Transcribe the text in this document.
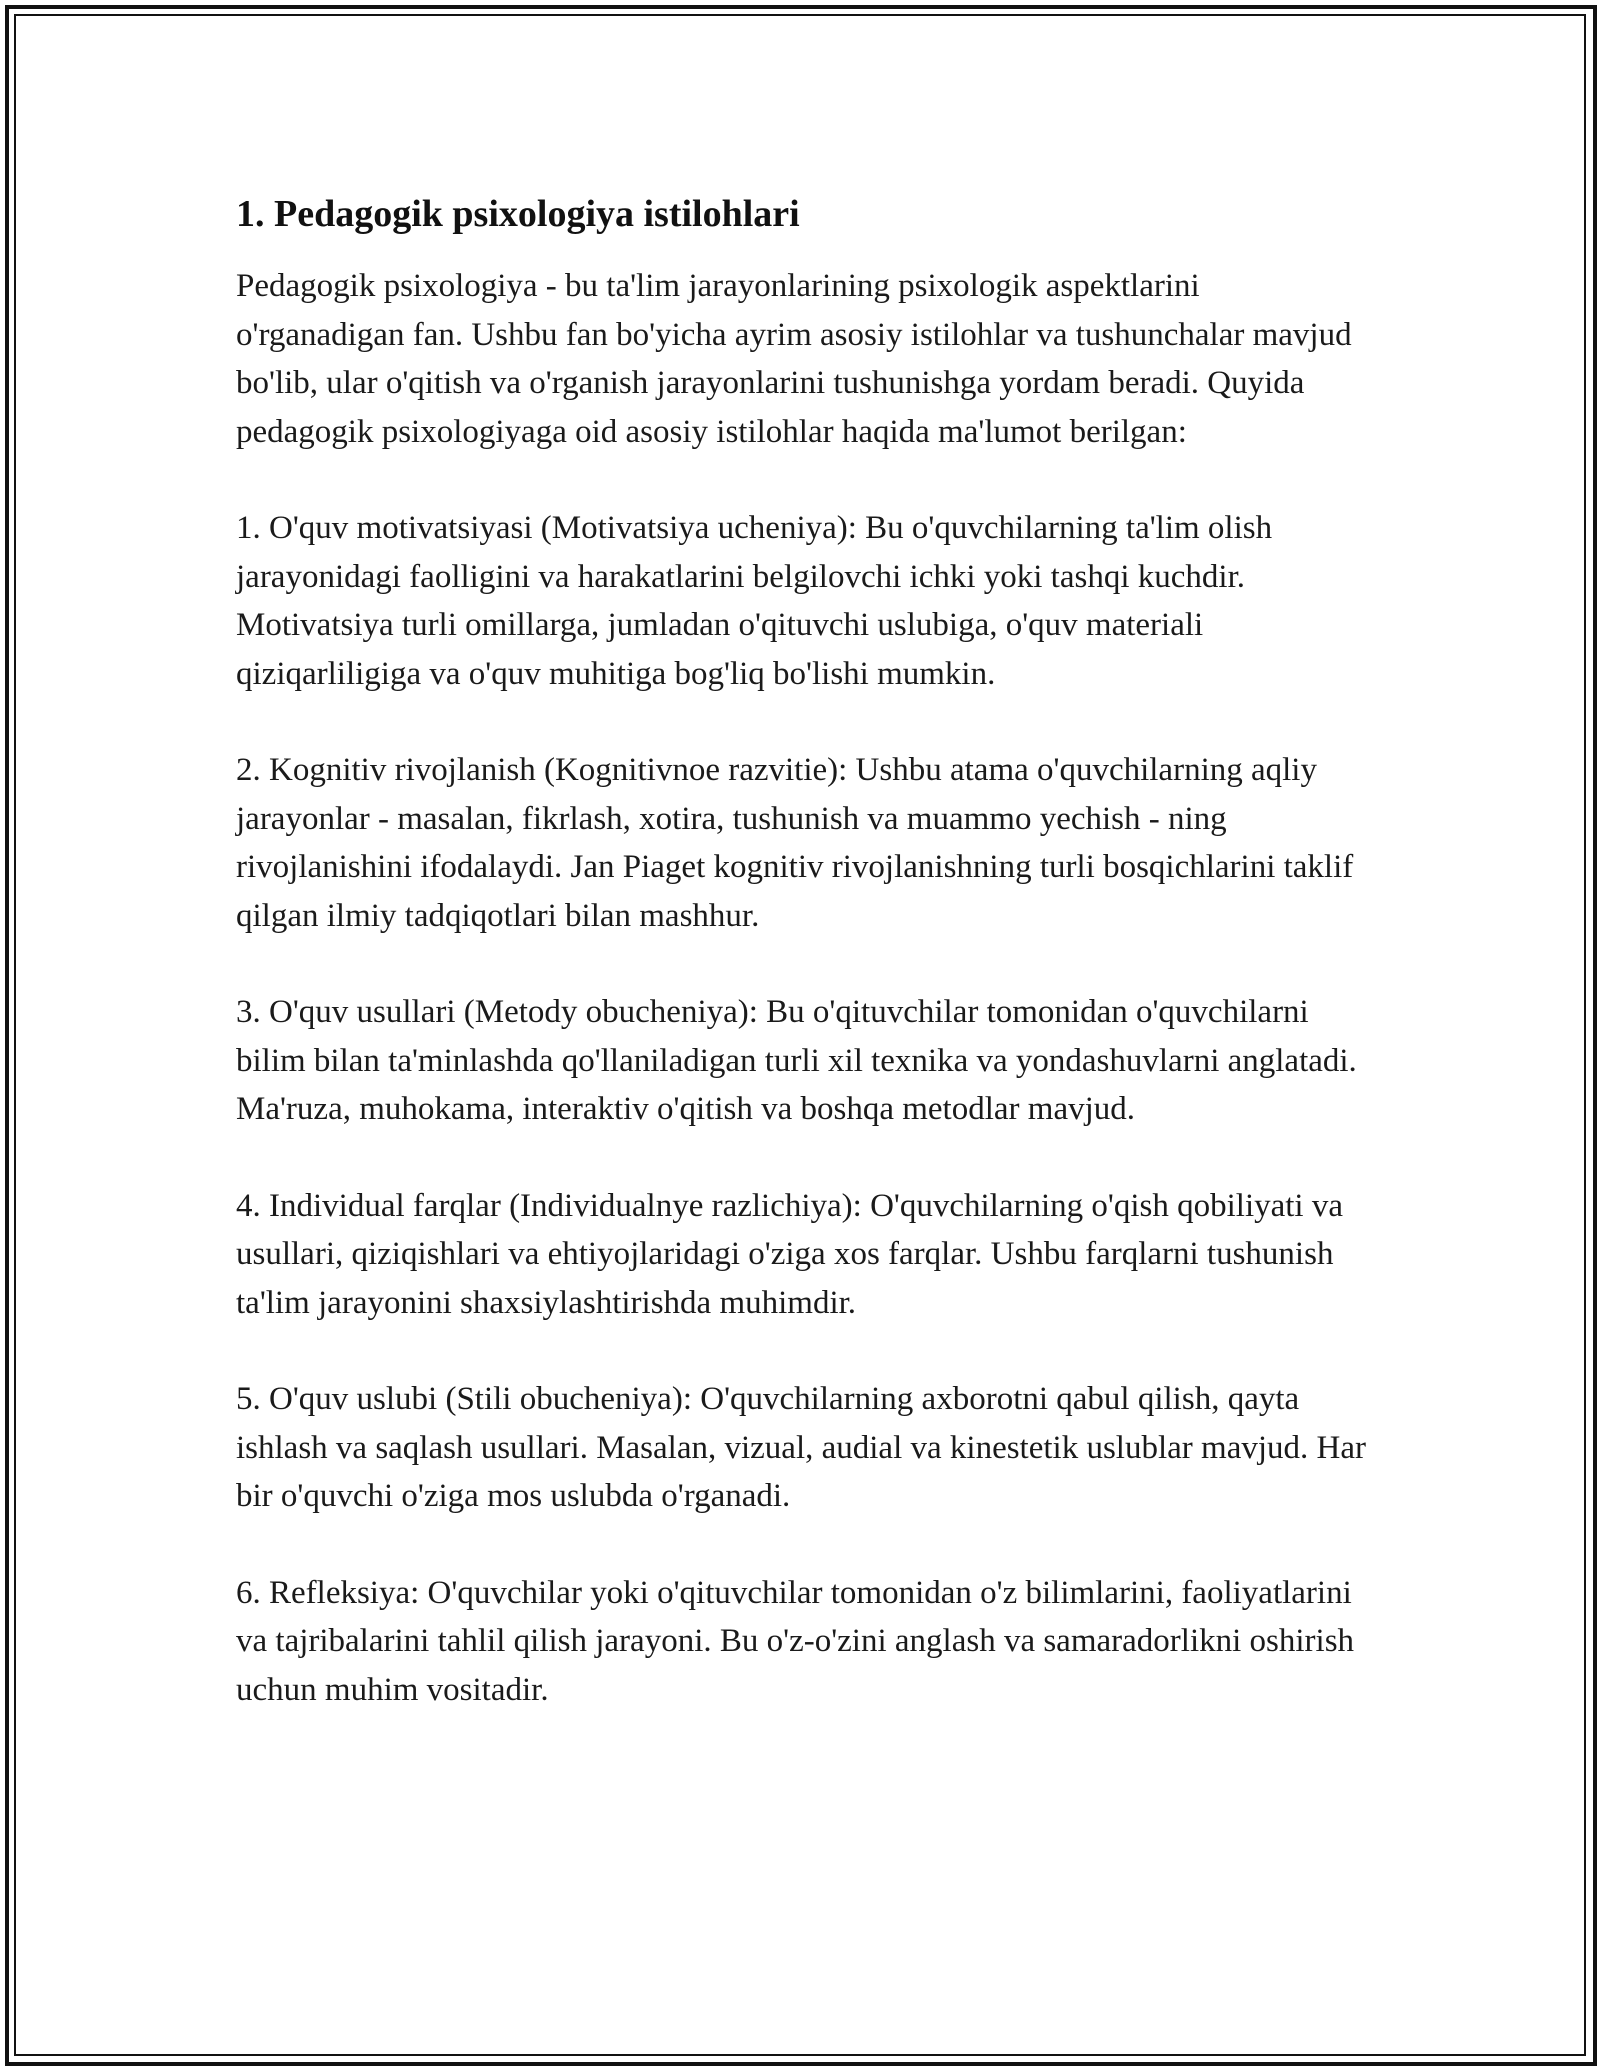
1. Pedagogik psixologiya istilohlari

Pedagogik psixologiya - bu ta'lim jarayonlarining psixologik aspektlarini o'rganadigan fan. Ushbu fan bo'yicha ayrim asosiy istilohlar va tushunchalar mavjud bo'lib, ular o'qitish va o'rganish jarayonlarini tushunishga yordam beradi. Quyida pedagogik psixologiyaga oid asosiy istilohlar haqida ma'lumot berilgan:

1. O'quv motivatsiyasi (Motivatsiya ucheniya): Bu o'quvchilarning ta'lim olish jarayonidagi faolligini va harakatlarini belgilovchi ichki yoki tashqi kuchdir. Motivatsiya turli omillarga, jumladan o'qituvchi uslubiga, o'quv materiali qiziqarliligiga va o'quv muhitiga bog'liq bo'lishi mumkin.

2. Kognitiv rivojlanish (Kognitivnoe razvitie): Ushbu atama o'quvchilarning aqliy jarayonlar - masalan, fikrlash, xotira, tushunish va muammo yechish - ning rivojlanishini ifodalaydi. Jan Piaget kognitiv rivojlanishning turli bosqichlarini taklif qilgan ilmiy tadqiqotlari bilan mashhur.

3. O'quv usullari (Metody obucheniya): Bu o'qituvchilar tomonidan o'quvchilarni bilim bilan ta'minlashda qo'llaniladigan turli xil texnika va yondashuvlarni anglatadi. Ma'ruza, muhokama, interaktiv o'qitish va boshqa metodlar mavjud.

4. Individual farqlar (Individualnye razlichiya): O'quvchilarning o'qish qobiliyati va usullari, qiziqishlari va ehtiyojlaridagi o'ziga xos farqlar. Ushbu farqlarni tushunish ta'lim jarayonini shaxsiylashtirishda muhimdir.

5. O'quv uslubi (Stili obucheniya): O'quvchilarning axborotni qabul qilish, qayta ishlash va saqlash usullari. Masalan, vizual, audial va kinestetik uslublar mavjud. Har bir o'quvchi o'ziga mos uslubda o'rganadi.

6. Refleksiya: O'quvchilar yoki o'qituvchilar tomonidan o'z bilimlarini, faoliyatlarini va tajribalarini tahlil qilish jarayoni. Bu o'z-o'zini anglash va samaradorlikni oshirish uchun muhim vositadir.
